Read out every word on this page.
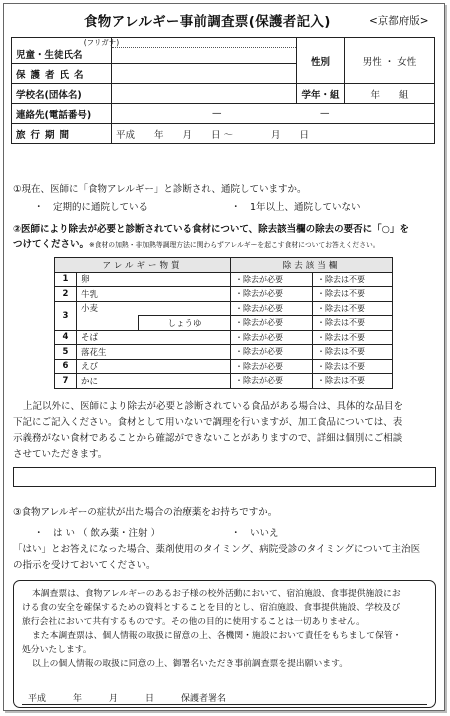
食物アレルギー事前調査票(保護者記入)	<京都府版>
(フリガナ)
児童・生徒氏名		性別	男性 ・ 女性
保護者氏名			
学校名(団体名)		学年・組	年　　組
連絡先(電話番号)	— —		

旅行期間	平成　　年　　月　　日 〜　　　　月　　日		
①現在、医師に「食物アレルギー」と診断され、通院していますか。
・　定期的に通院している	・　1年以上、通院していない
②医師により除去が必要と診断されている食材について、除去該当欄の除去の要否に「○」を
つけてください。※食材の加熱・非加熱等調理方法に関わらずアレルギーを起こす食材についてお答えください。
アレルギー物質			除去該当欄	
1	卵		・除去が必要	・除去は不要
2	牛乳		・除去が必要	・除去は不要
3	小麦		・除去が必要	・除去は不要
		しょうゆ	・除去が必要	・除去は不要
4	そば		・除去が必要	・除去は不要
5	落花生		・除去が必要	・除去は不要
6	えび		・除去が必要	・除去は不要
7	かに		・除去が必要	・除去は不要
上記以外に、医師により除去が必要と診断されている食品がある場合は、具体的な品目を
下記にご記入ください。食材として用いないで調理を行いますが、加工食品については、表
示義務がない食材であることから確認ができないことがありますので、詳細は個別にご相談
させていただきます。
③食物アレルギーの症状が出た場合の治療薬をお持ちですか。
・　は い （ 飲み薬・注射 ）	・　いいえ
「はい」とお答えになった場合、薬剤使用のタイミング、病院受診のタイミングについて主治医
の指示を受けておいてください。

本調査票は、食物アレルギーのあるお子様の校外活動において、宿泊施設、食事提供施設にお

ける食の安全を確保するための資料とすることを目的とし、宿泊施設、食事提供施設、学校及び

旅行会社において共有するものです。その他の目的に使用することは一切ありません。

また本調査票は、個人情報の取扱に留意の上、各機関・施設において責任をもちまして保管・

処分いたします。

以上の個人情報の取扱に同意の上、御署名いただき事前調査票を提出願います。

平成　　　年　　　月　　　日　　　保護者署名
